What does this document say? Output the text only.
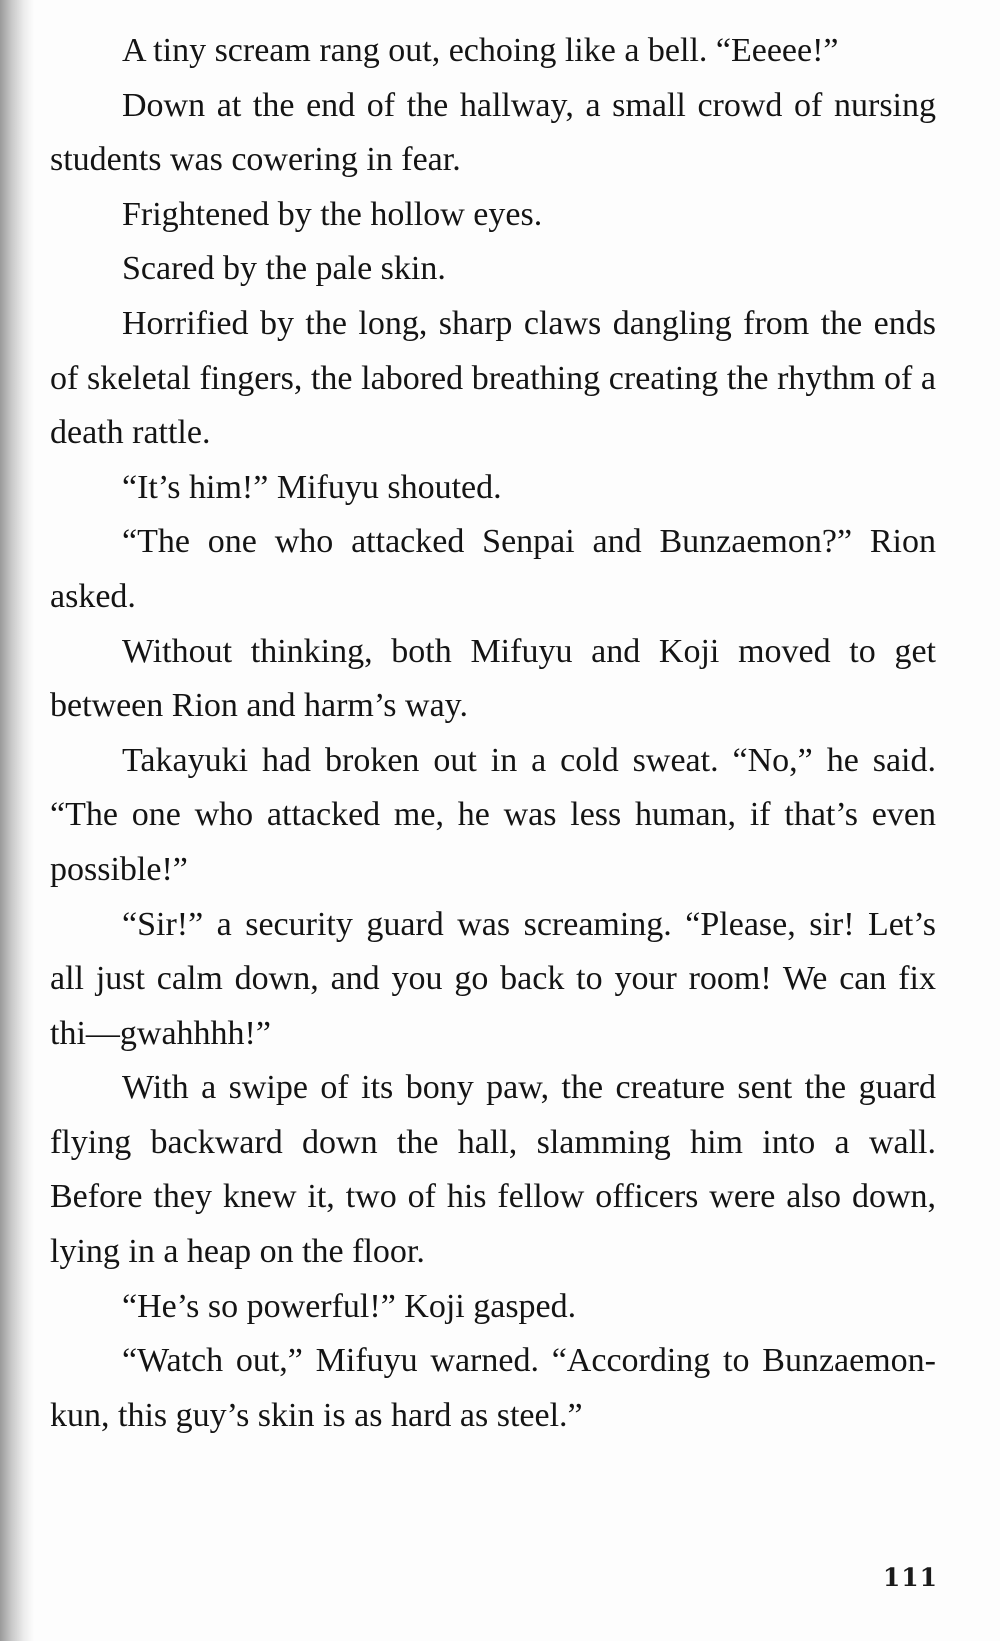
A tiny scream rang out, echoing like a bell. “Eeeee!”

Down at the end of the hallway, a small crowd of nursing students was cowering in fear.

Frightened by the hollow eyes.

Scared by the pale skin.

Horrified by the long, sharp claws dangling from the ends of skeletal fingers, the labored breathing creating the rhythm of a death rattle.

“It’s him!” Mifuyu shouted.

“The one who attacked Senpai and Bunzaemon?” Rion asked.

Without thinking, both Mifuyu and Koji moved to get between Rion and harm’s way.

Takayuki had broken out in a cold sweat. “No,” he said. “The one who attacked me, he was less human, if that’s even possible!”

“Sir!” a security guard was screaming. “Please, sir! Let’s all just calm down, and you go back to your room! We can fix thi—gwahhhh!”

With a swipe of its bony paw, the creature sent the guard flying backward down the hall, slamming him into a wall. Before they knew it, two of his fellow officers were also down, lying in a heap on the floor.

“He’s so powerful!” Koji gasped.

“Watch out,” Mifuyu warned. “According to Bunzaemon-kun, this guy’s skin is as hard as steel.”

111
